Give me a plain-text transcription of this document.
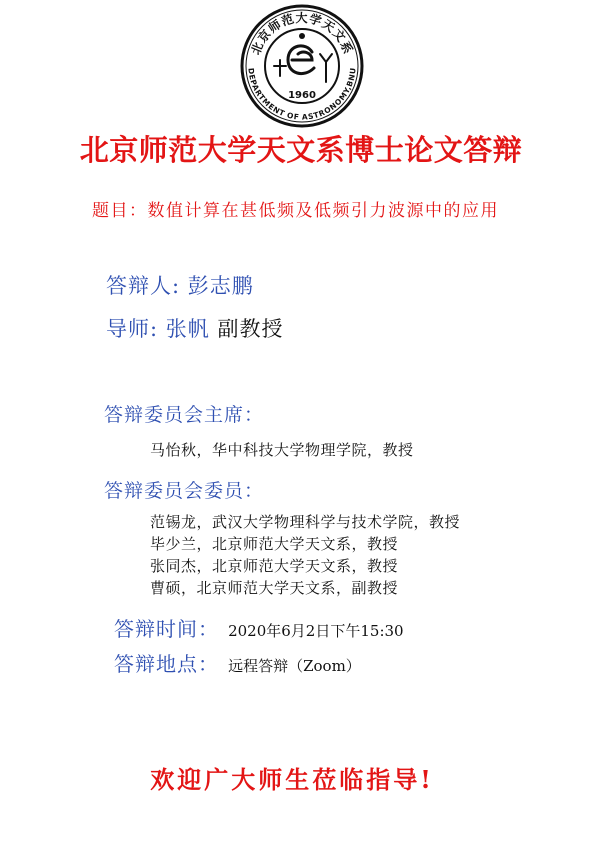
北京师范大学天文系
DEPARTMENT OF ASTRONOMY,BNU
1960
北京师范大学天文系博士论文答辩
题目：数值计算在甚低频及低频引力波源中的应用
答辩人: 彭志鹏
导师: 张帆 副教授
答辩委员会主席：
马怡秋，华中科技大学物理学院，教授
答辩委员会委员：
范锡龙，武汉大学物理科学与技术学院，教授
毕少兰，北京师范大学天文系，教授
张同杰，北京师范大学天文系，教授
曹硕，北京师范大学天文系，副教授
答辩时间： 2020年6月2日下午15:30
答辩地点： 远程答辩（Zoom）
欢迎广大师生莅临指导!
